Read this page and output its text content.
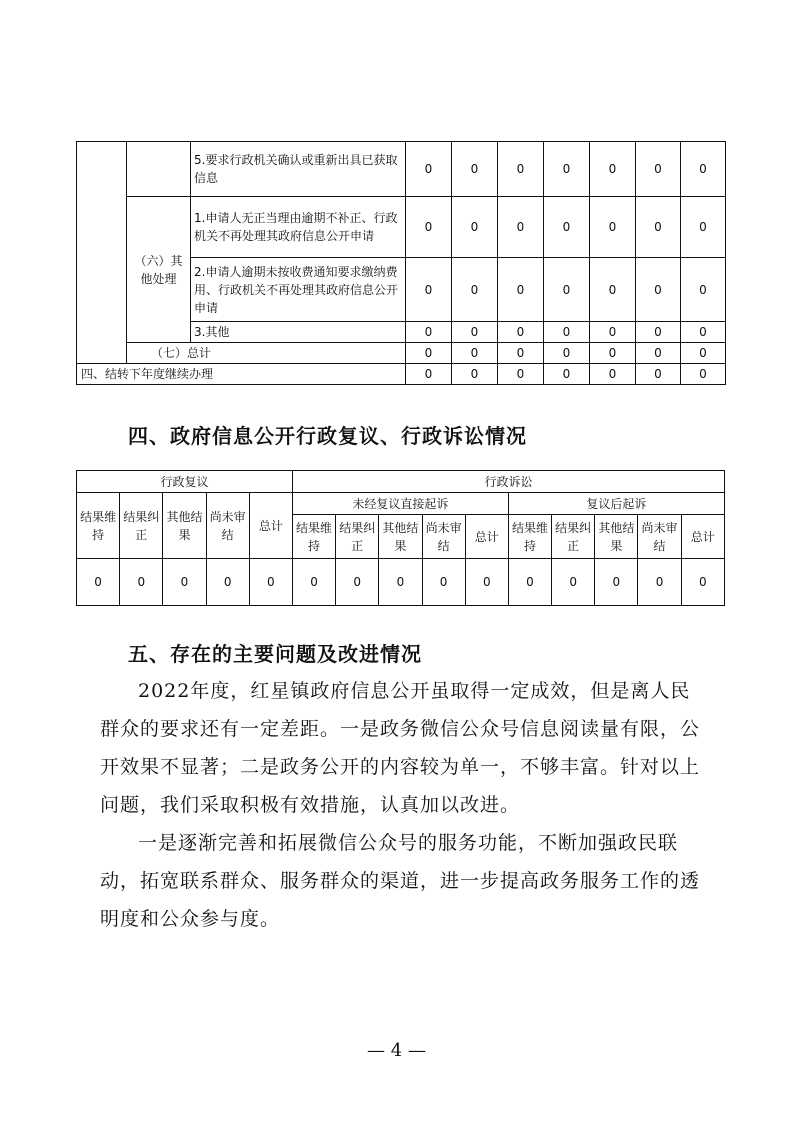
		5.要求行政机关确认或重新出具已获取信息	0	0	0	0	0	0	0
	（六）其他处理	1.申请人无正当理由逾期不补正、行政机关不再处理其政府信息公开申请	0	0	0	0	0	0	0
		2.申请人逾期未按收费通知要求缴纳费用、行政机关不再处理其政府信息公开申请	0	0	0	0	0	0	0
		3.其他	0	0	0	0	0	0	0
	（七）总计		0	0	0	0	0	0	0
四、结转下年度继续办理			0	0	0	0	0	0	0
四、政府信息公开行政复议、行政诉讼情况
行政复议					行政诉讼									
结果维持	结果纠正	其他结果	尚未审结	总计	未经复议直接起诉					复议后起诉				
					结果维持	结果纠正	其他结果	尚未审结	总计	结果维持	结果纠正	其他结果	尚未审结	总计
0	0	0	0	0	0	0	0	0	0	0	0	0	0	0
五、存在的主要问题及改进情况

2022年度，红星镇政府信息公开虽取得一定成效，但是离人民群众的要求还有一定差距。一是政务微信公众号信息阅读量有限，公开效果不显著；二是政务公开的内容较为单一，不够丰富。针对以上问题，我们采取积极有效措施，认真加以改进。

一是逐渐完善和拓展微信公众号的服务功能，不断加强政民联动，拓宽联系群众、服务群众的渠道，进一步提高政务服务工作的透明度和公众参与度。

— 4 —
